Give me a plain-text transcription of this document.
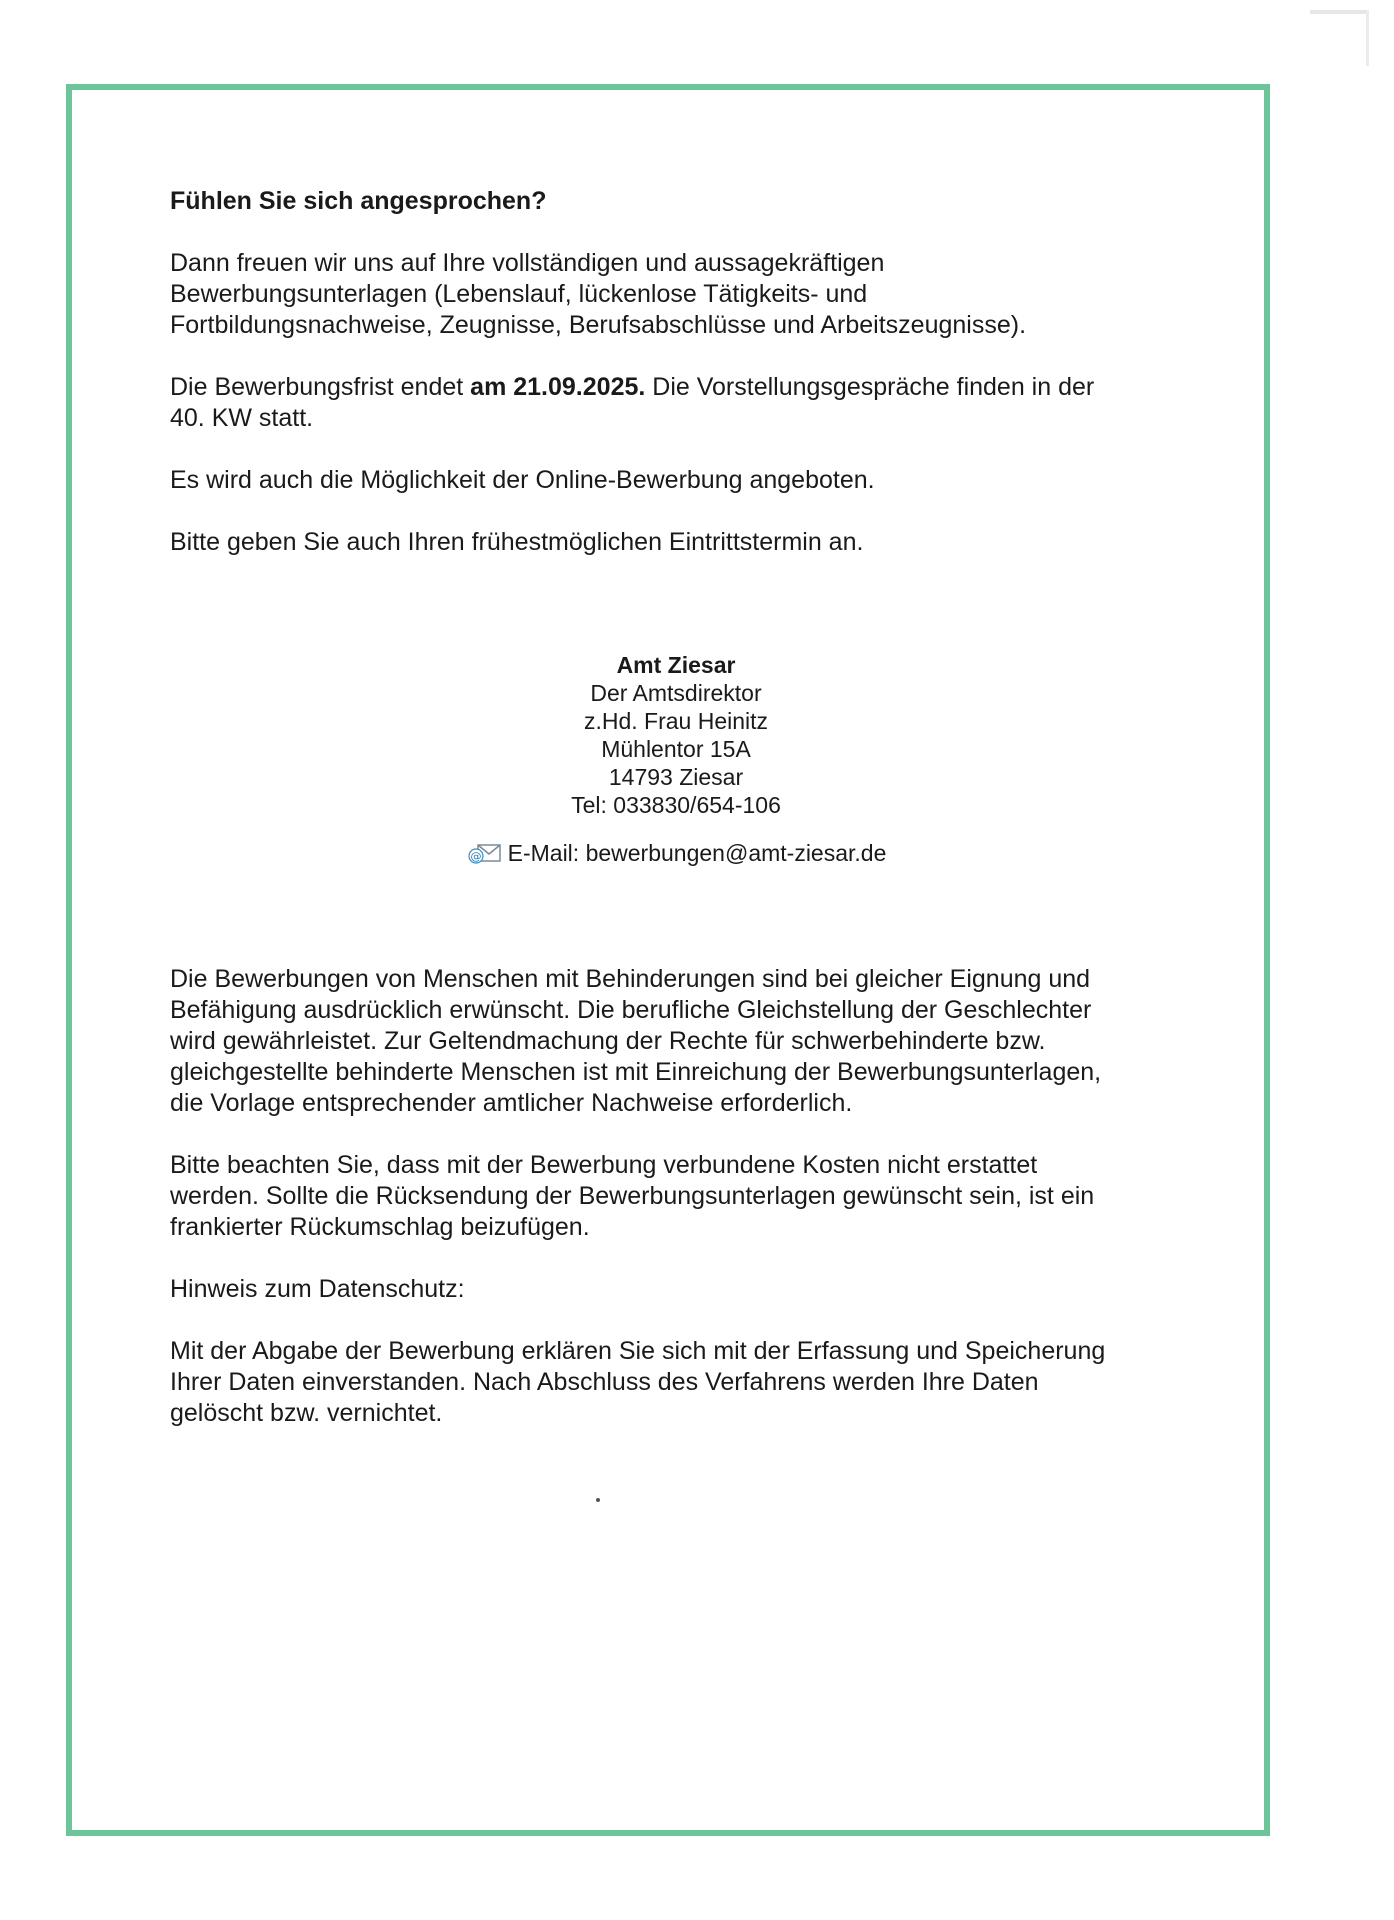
Fühlen Sie sich angesprochen?

Dann freuen wir uns auf Ihre vollständigen und aussagekräftigen
Bewerbungsunterlagen (Lebenslauf, lückenlose Tätigkeits- und
Fortbildungsnachweise, Zeugnisse, Berufsabschlüsse und Arbeitszeugnisse).

Die Bewerbungsfrist endet am 21.09.2025. Die Vorstellungsgespräche finden in der
40. KW statt.

Es wird auch die Möglichkeit der Online-Bewerbung angeboten.

Bitte geben Sie auch Ihren frühestmöglichen Eintrittstermin an.

Amt Ziesar
Der Amtsdirektor
z.Hd. Frau Heinitz
Mühlentor 15A
14793 Ziesar
Tel: 033830/654-106
@ E-Mail: bewerbungen@amt-ziesar.de

Die Bewerbungen von Menschen mit Behinderungen sind bei gleicher Eignung und
Befähigung ausdrücklich erwünscht. Die berufliche Gleichstellung der Geschlechter
wird gewährleistet. Zur Geltendmachung der Rechte für schwerbehinderte bzw.
gleichgestellte behinderte Menschen ist mit Einreichung der Bewerbungsunterlagen,
die Vorlage entsprechender amtlicher Nachweise erforderlich.

Bitte beachten Sie, dass mit der Bewerbung verbundene Kosten nicht erstattet
werden. Sollte die Rücksendung der Bewerbungsunterlagen gewünscht sein, ist ein
frankierter Rückumschlag beizufügen.

Hinweis zum Datenschutz:

Mit der Abgabe der Bewerbung erklären Sie sich mit der Erfassung und Speicherung
Ihrer Daten einverstanden. Nach Abschluss des Verfahrens werden Ihre Daten
gelöscht bzw. vernichtet.
